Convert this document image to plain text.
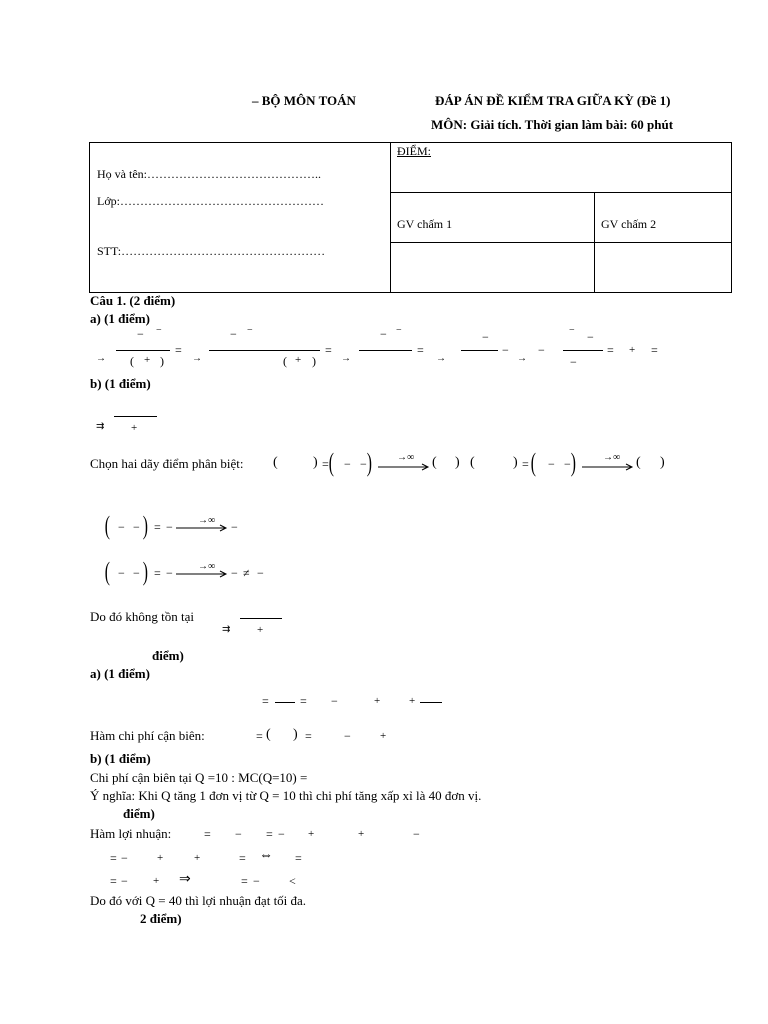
– BỘ MÔN TOÁN	ĐÁP ÁN ĐỀ KIỂM TRA GIỮA KỲ (Đề 1)
MÔN: Giải tích. Thời gian làm bài: 60 phút
Họ và tên:……………………………………..
Lớp:……………………………………………
STT:……………………………………………
ĐIỂM:
GV chấm 1	GV chấm 2
Câu 1. (2 điểm)
a) (1 điểm)
→
− −
( + )
=
→
− −
( + )
=
→
− −
=
→
−
−
→
−
− −
−
= + =
b) (1 điểm)
⇉ +
Chọn hai dãy điểm phân biệt: (	) = ( − − )	→∞ ( ) (	) = ( − − )	→∞ ( )
( − − ) = −	→∞ −
( − − ) = −	→∞ − ≠ −
Do đó không tồn tại
⇉ +
điểm)
a) (1 điểm)
=	= −	+	+
Hàm chi phí cận biên:	= ( ) =	−	+
b) (1 điểm)
Chi phí cận biên tại Q =10 : MC(Q=10) =
Ý nghĩa: Khi Q tăng 1 đơn vị từ Q = 10 thì chi phí tăng xấp xỉ là 40 đơn vị.
điểm)
Hàm lợi nhuận:	= − = − +	+	−
= −	+	+	= ⇔ =
= − + ⇒	= − <
Do đó với Q = 40 thì lợi nhuận đạt tối đa.
2 điểm)
